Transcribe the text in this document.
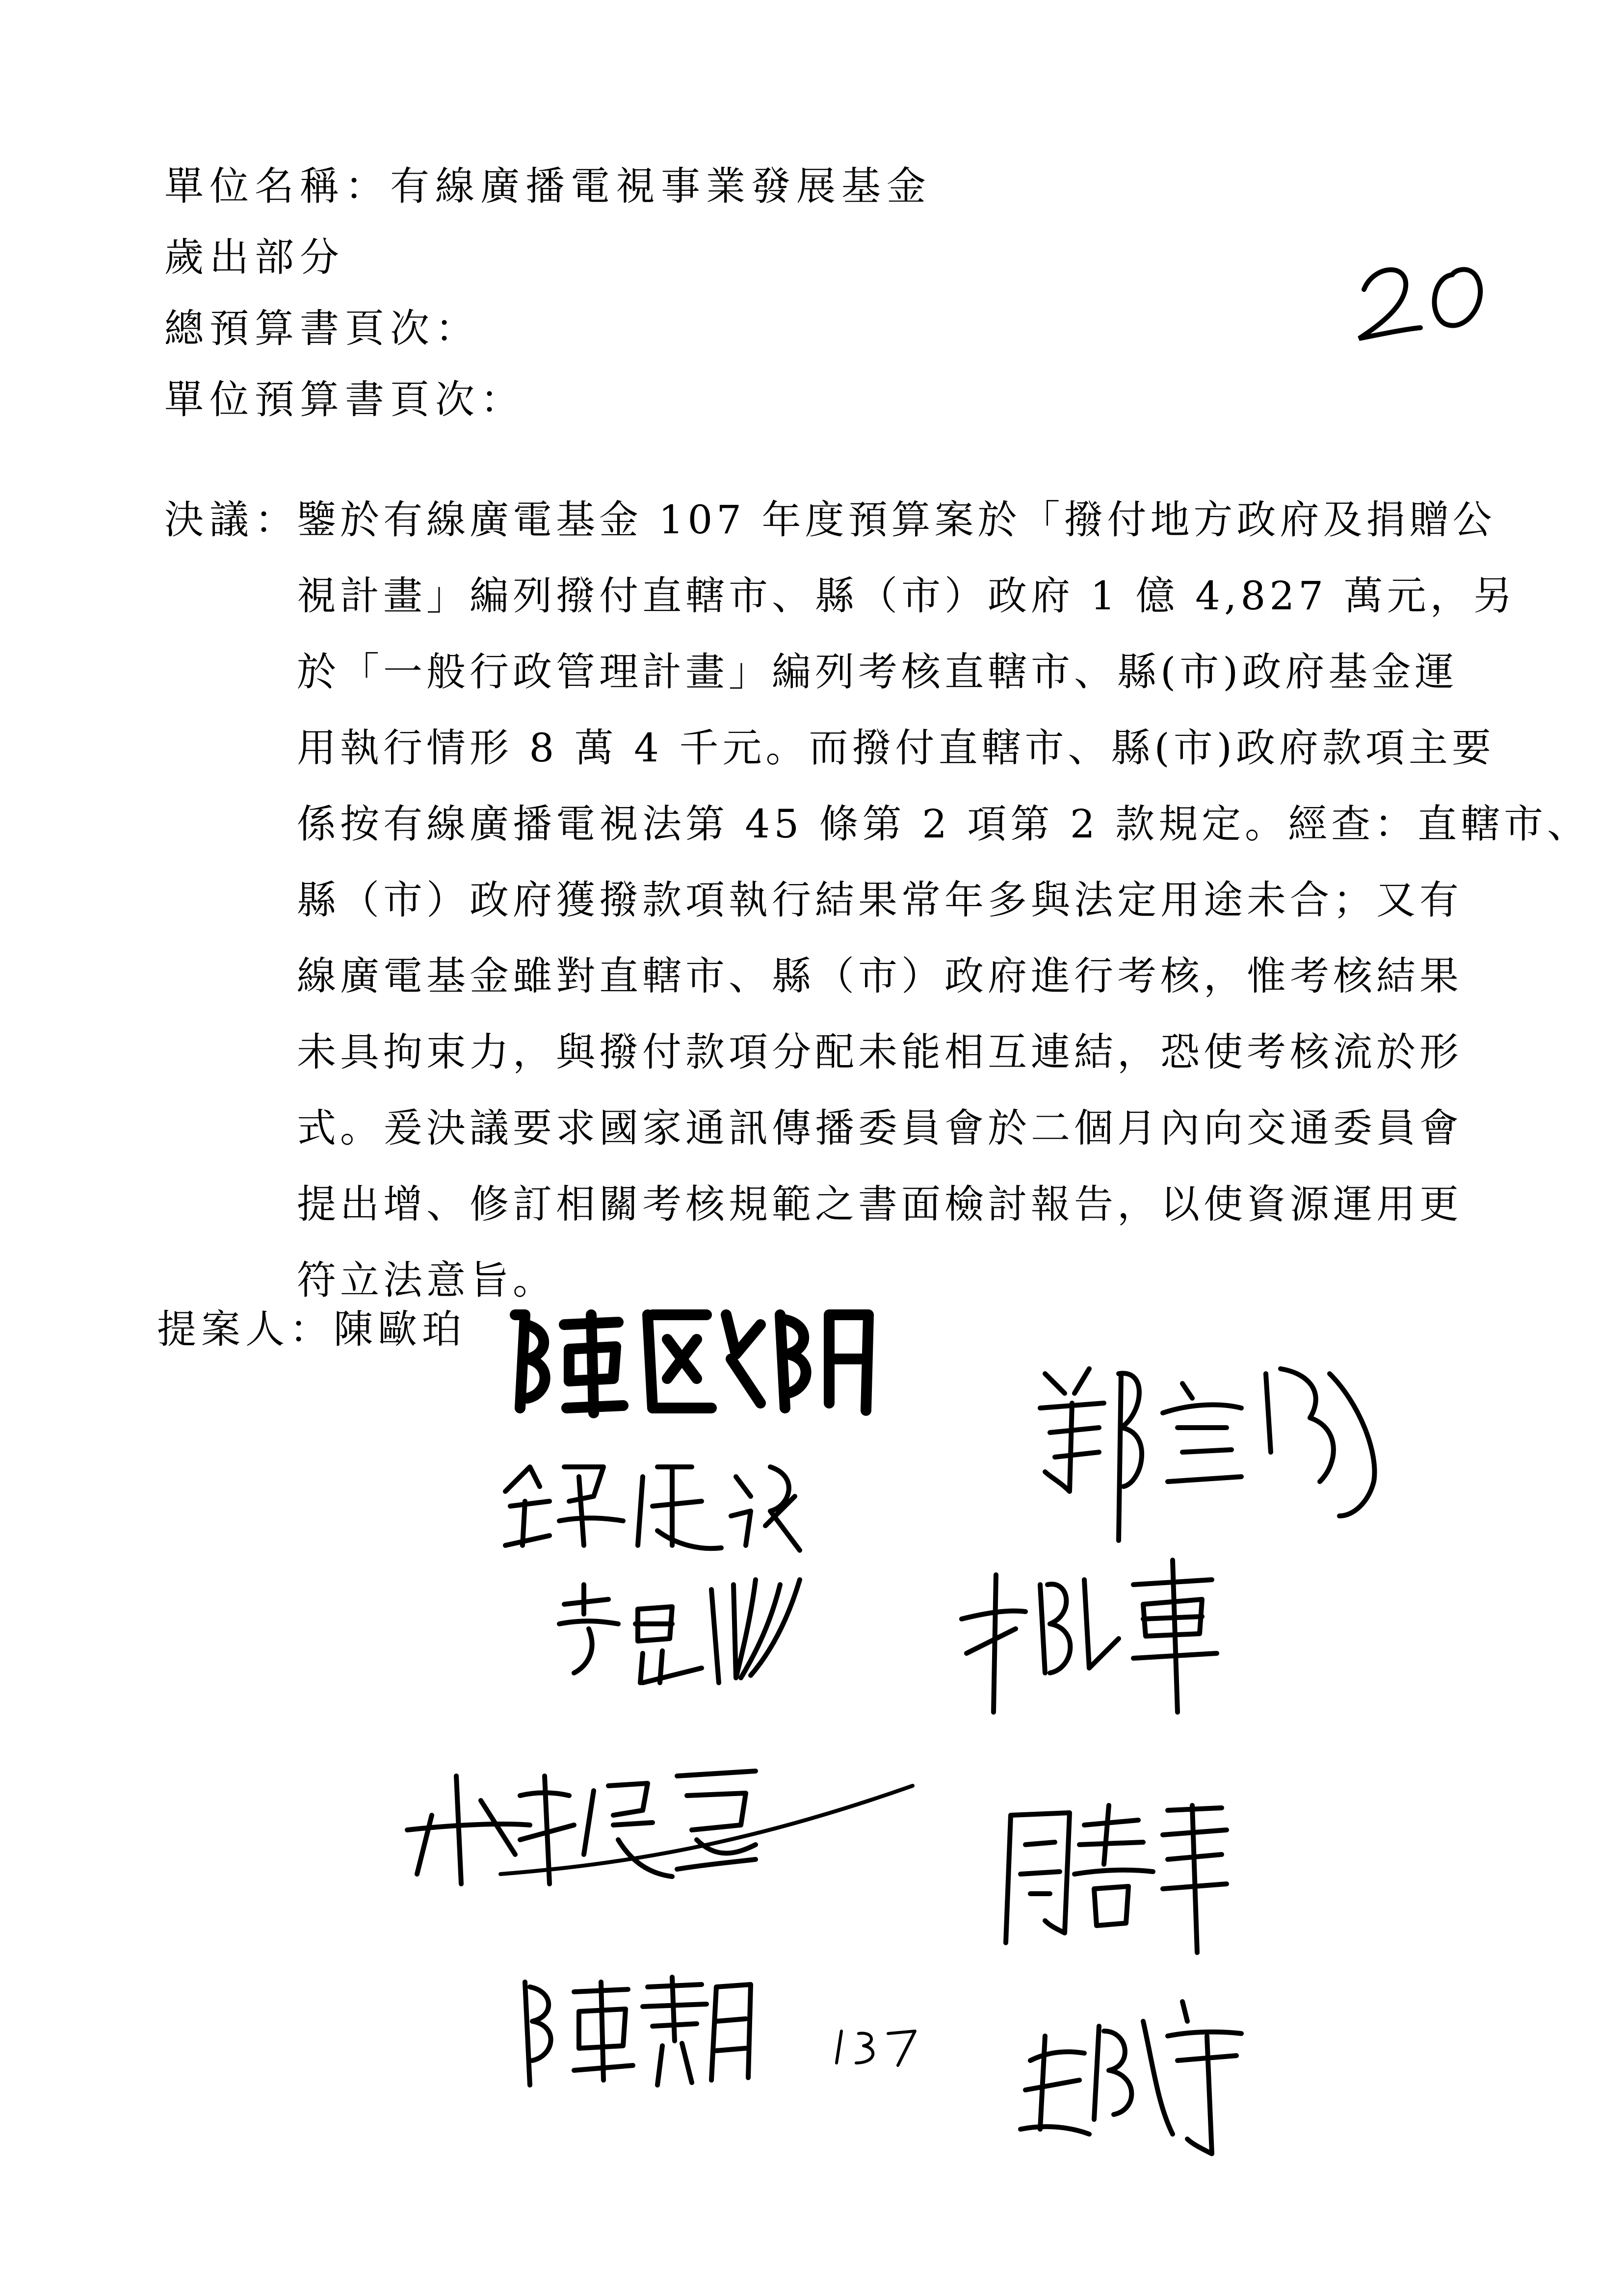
單位名稱：有線廣播電視事業發展基金
歲出部分
總預算書頁次：
單位預算書頁次：
決議：
鑒於有線廣電基金 107 年度預算案於「撥付地方政府及捐贈公
視計畫」編列撥付直轄市、縣（市）政府 1 億 4,827 萬元，另
於「一般行政管理計畫」編列考核直轄市、縣(市)政府基金運
用執行情形 8 萬 4 千元。而撥付直轄市、縣(市)政府款項主要
係按有線廣播電視法第 45 條第 2 項第 2 款規定。經查：直轄市、
縣（市）政府獲撥款項執行結果常年多與法定用途未合；又有
線廣電基金雖對直轄市、縣（市）政府進行考核，惟考核結果
未具拘束力，與撥付款項分配未能相互連結，恐使考核流於形
式。爰決議要求國家通訊傳播委員會於二個月內向交通委員會
提出增、修訂相關考核規範之書面檢討報告，以使資源運用更
符立法意旨。
提案人：陳歐珀
